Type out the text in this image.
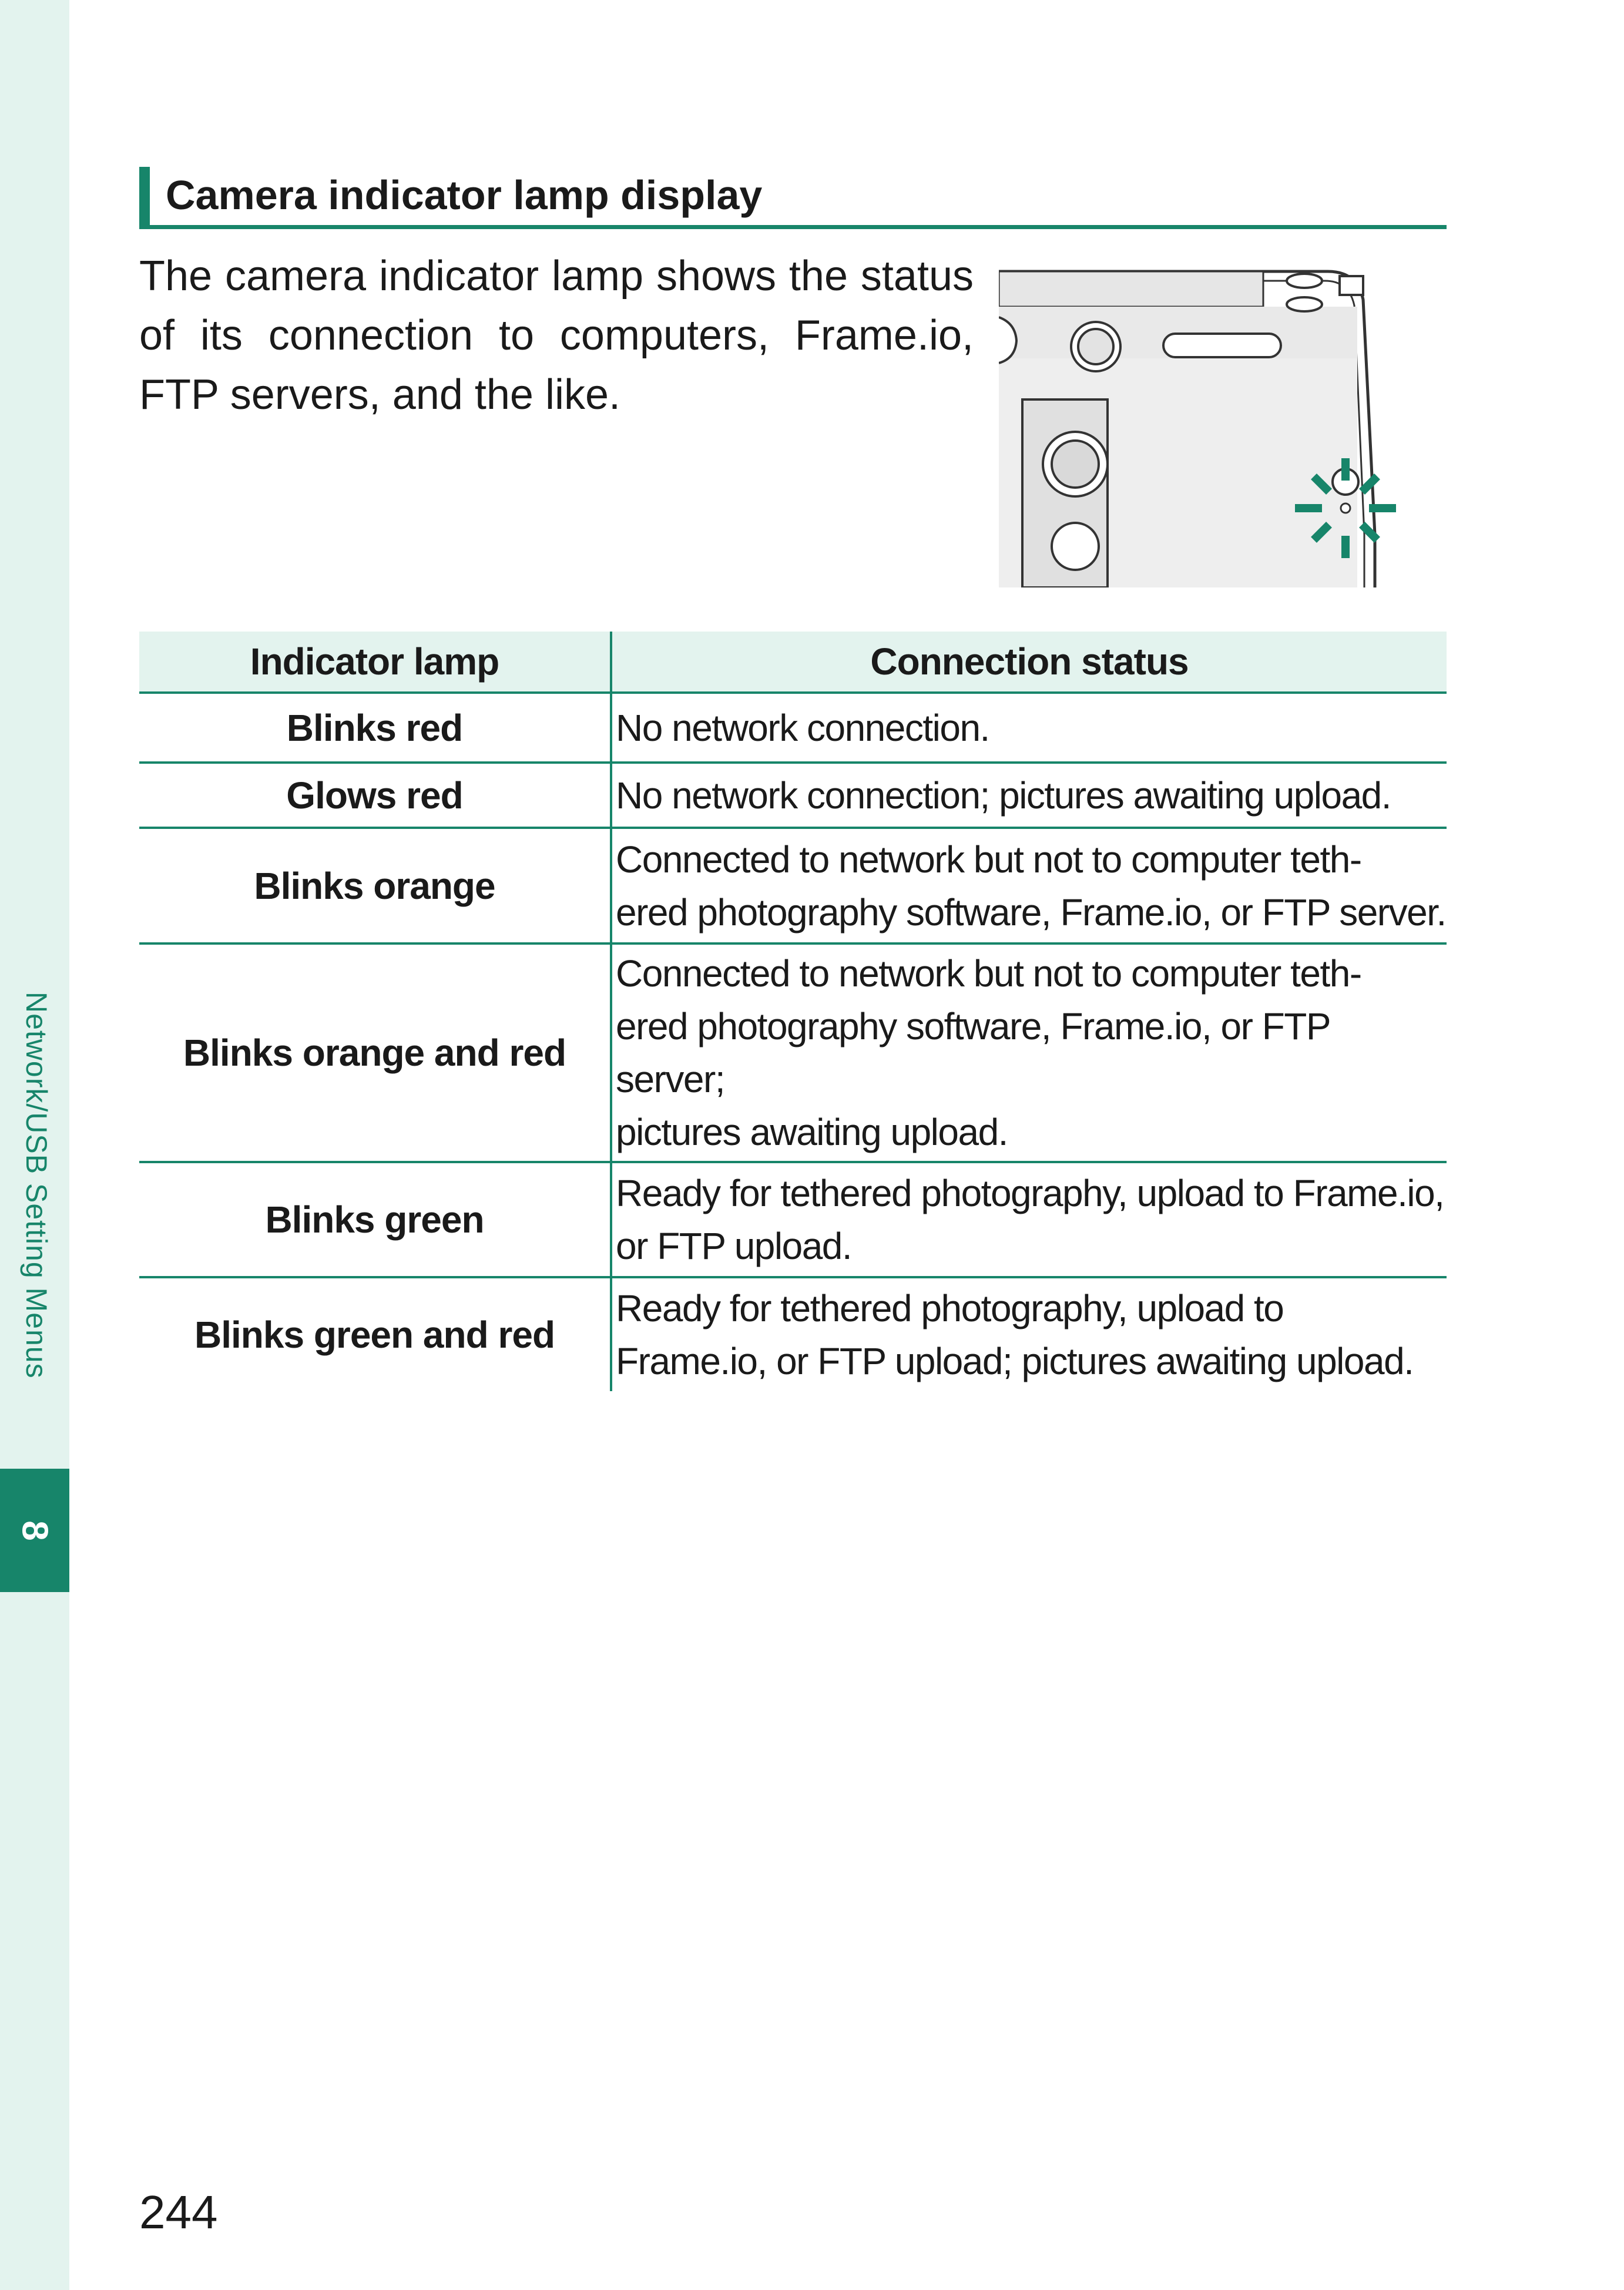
Network/USB Setting Menus
8
Camera indicator lamp display
The camera indicator lamp shows the status of its connection to computers, Frame.io, FTP servers, and the like.
Indicator lamp	Connection status
Blinks red	No network connection.
Glows red	No network connection; pictures awaiting upload.
Blinks orange	Connected to network but not to computer teth-
ered photography software, Frame.io, or FTP server.
Blinks orange and red	Connected to network but not to computer teth-
ered photography software, Frame.io, or FTP server;
pictures awaiting upload.
Blinks green	Ready for tethered photography, upload to Frame.io,
or FTP upload.
Blinks green and red	Ready for tethered photography, upload to
Frame.io, or FTP upload; pictures awaiting upload.
244
